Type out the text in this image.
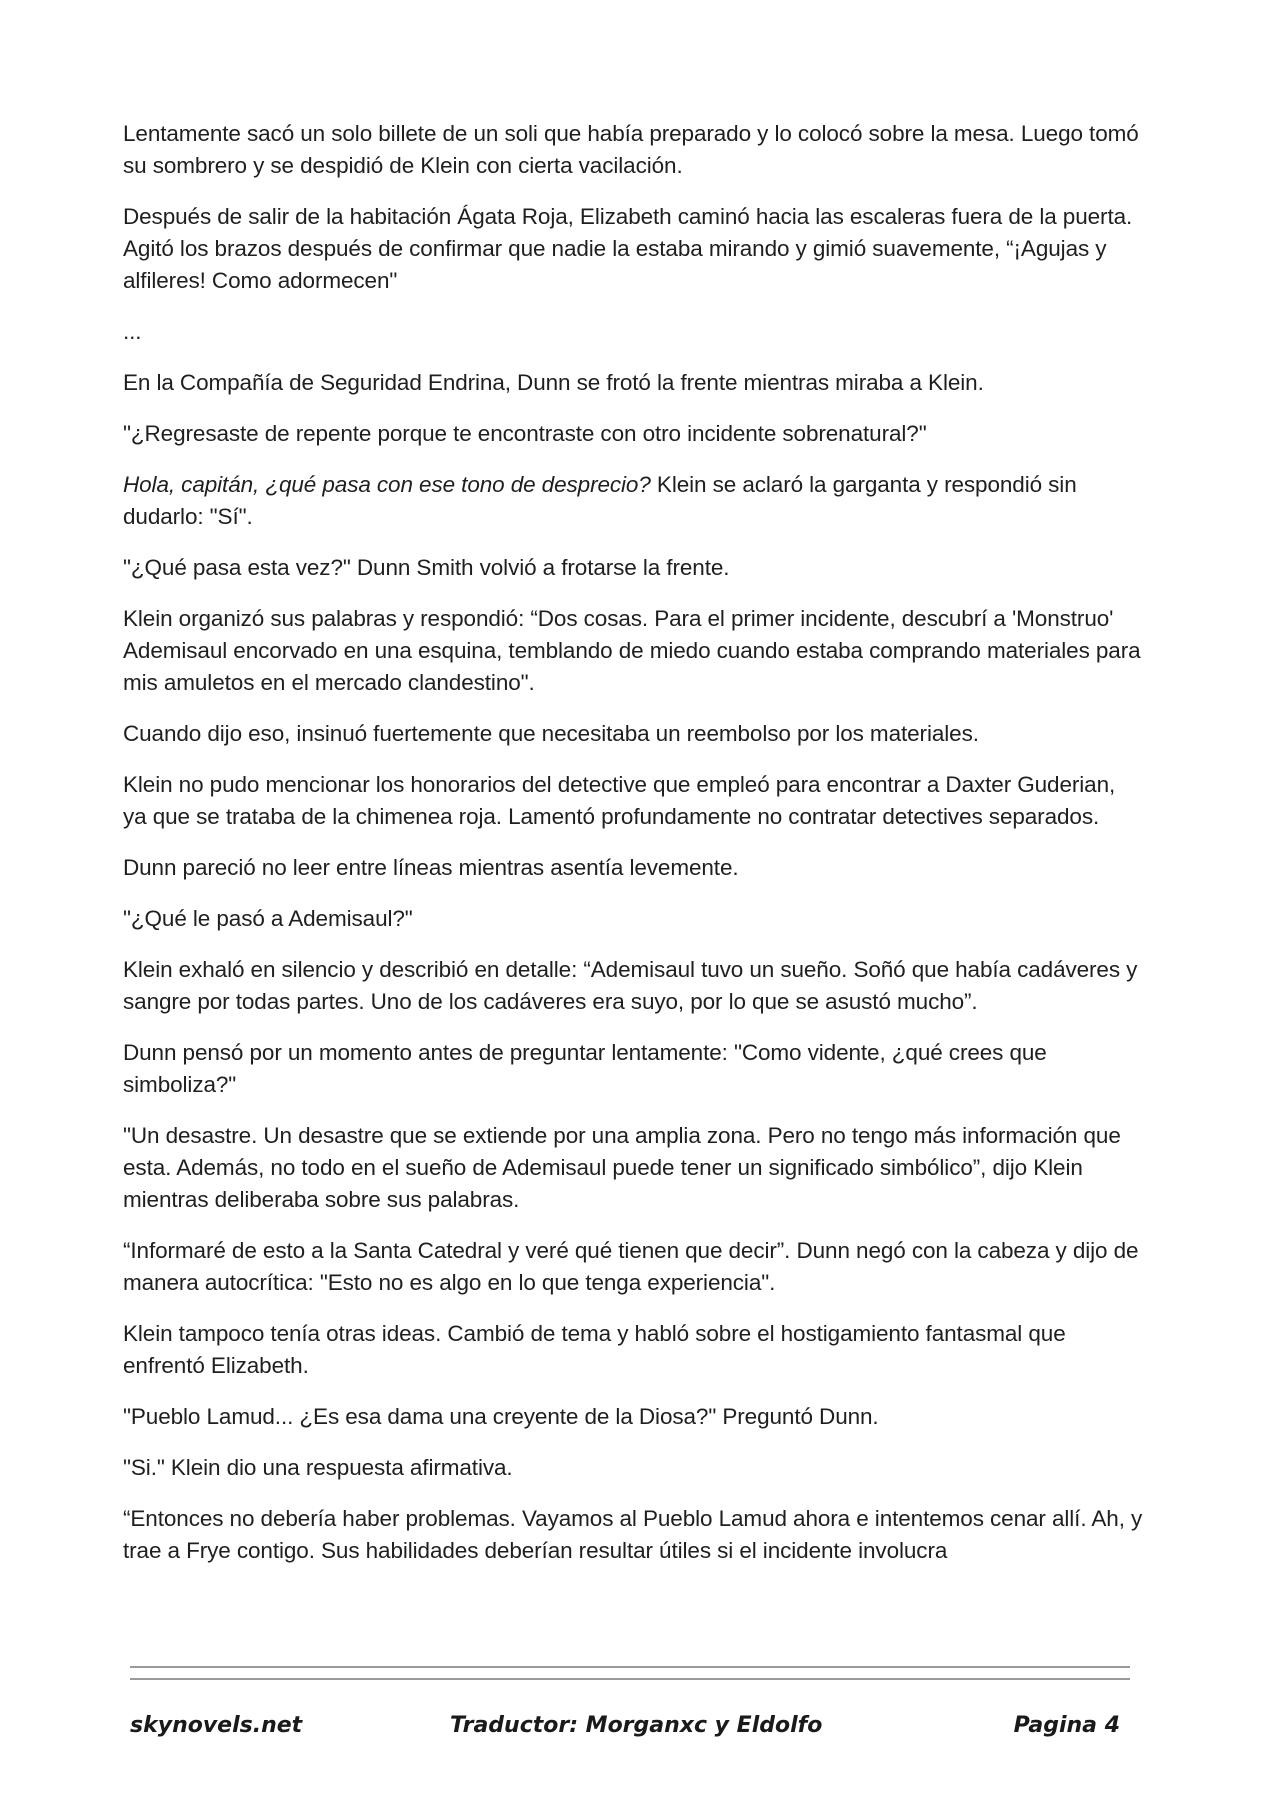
Lentamente sacó un solo billete de un soli que había preparado y lo colocó sobre la mesa. Luego tomó su sombrero y se despidió de Klein con cierta vacilación.

Después de salir de la habitación Ágata Roja, Elizabeth caminó hacia las escaleras fuera de la puerta. Agitó los brazos después de confirmar que nadie la estaba mirando y gimió suavemente, “¡Agujas y alfileres! Como adormecen"

...

En la Compañía de Seguridad Endrina, Dunn se frotó la frente mientras miraba a Klein.

"¿Regresaste de repente porque te encontraste con otro incidente sobrenatural?"

Hola, capitán, ¿qué pasa con ese tono de desprecio? Klein se aclaró la garganta y respondió sin dudarlo: "Sí".

"¿Qué pasa esta vez?" Dunn Smith volvió a frotarse la frente.

Klein organizó sus palabras y respondió: “Dos cosas. Para el primer incidente, descubrí a 'Monstruo' Ademisaul encorvado en una esquina, temblando de miedo cuando estaba comprando materiales para mis amuletos en el mercado clandestino".

Cuando dijo eso, insinuó fuertemente que necesitaba un reembolso por los materiales.

Klein no pudo mencionar los honorarios del detective que empleó para encontrar a Daxter Guderian, ya que se trataba de la chimenea roja. Lamentó profundamente no contratar detectives separados.

Dunn pareció no leer entre líneas mientras asentía levemente.

"¿Qué le pasó a Ademisaul?"

Klein exhaló en silencio y describió en detalle: “Ademisaul tuvo un sueño. Soñó que había cadáveres y sangre por todas partes. Uno de los cadáveres era suyo, por lo que se asustó mucho”.

Dunn pensó por un momento antes de preguntar lentamente: "Como vidente, ¿qué crees que simboliza?"

"Un desastre. Un desastre que se extiende por una amplia zona. Pero no tengo más información que esta. Además, no todo en el sueño de Ademisaul puede tener un significado simbólico”, dijo Klein mientras deliberaba sobre sus palabras.

“Informaré de esto a la Santa Catedral y veré qué tienen que decir”. Dunn negó con la cabeza y dijo de manera autocrítica: "Esto no es algo en lo que tenga experiencia".

Klein tampoco tenía otras ideas. Cambió de tema y habló sobre el hostigamiento fantasmal que enfrentó Elizabeth.

"Pueblo Lamud... ¿Es esa dama una creyente de la Diosa?" Preguntó Dunn.

"Si." Klein dio una respuesta afirmativa.

“Entonces no debería haber problemas. Vayamos al Pueblo Lamud ahora e intentemos cenar allí. Ah, y trae a Frye contigo. Sus habilidades deberían resultar útiles si el incidente involucra

skynovels.net	Traductor: Morganxc y Eldolfo	Pagina 4
